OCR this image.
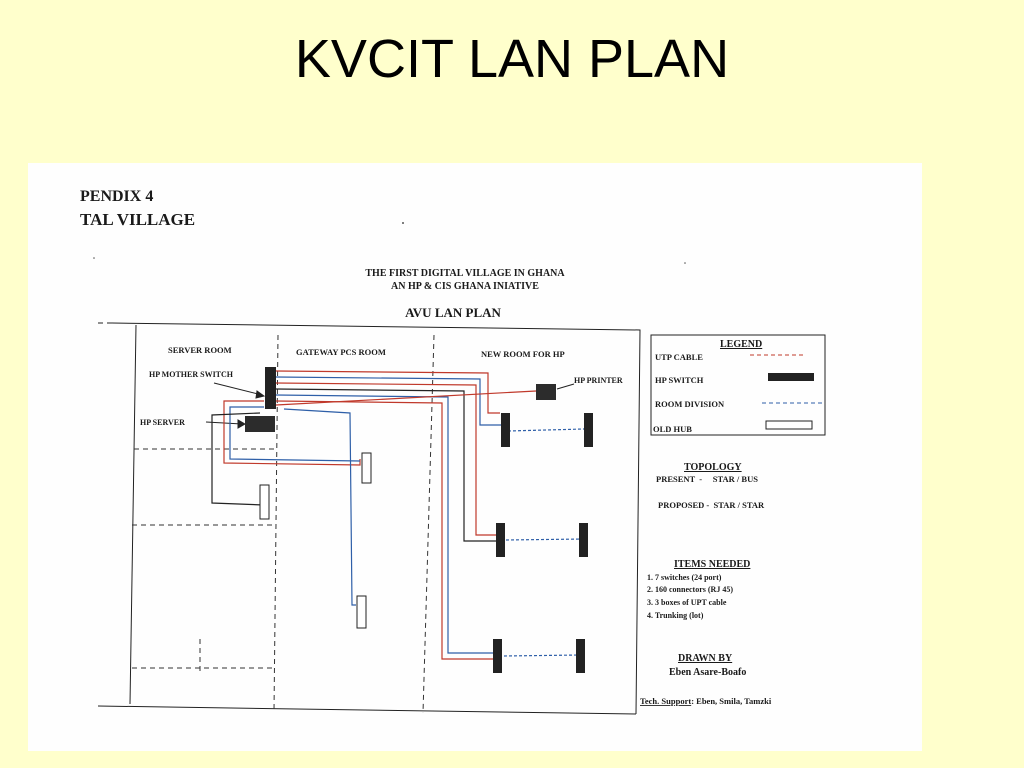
KVCIT LAN PLAN
PENDIX 4
TAL VILLAGE
THE FIRST DIGITAL VILLAGE IN GHANA
AN HP & CIS GHANA INIATIVE
AVU LAN PLAN
SERVER ROOM	GATEWAY PCS ROOM	NEW ROOM FOR HP
HP MOTHER SWITCH
HP SERVER
HP PRINTER
LEGEND
UTP CABLE
HP SWITCH
ROOM DIVISION
OLD HUB
TOPOLOGY
PRESENT  -     STAR / BUS
PROPOSED -  STAR / STAR
ITEMS NEEDED
1. 7 switches (24 port)
2. 160 connectors (RJ 45)
3. 3 boxes of UPT cable
4. Trunking (lot)
DRAWN BY
Eben Asare-Boafo
Tech. Support: Eben, Smila, Tamzki
